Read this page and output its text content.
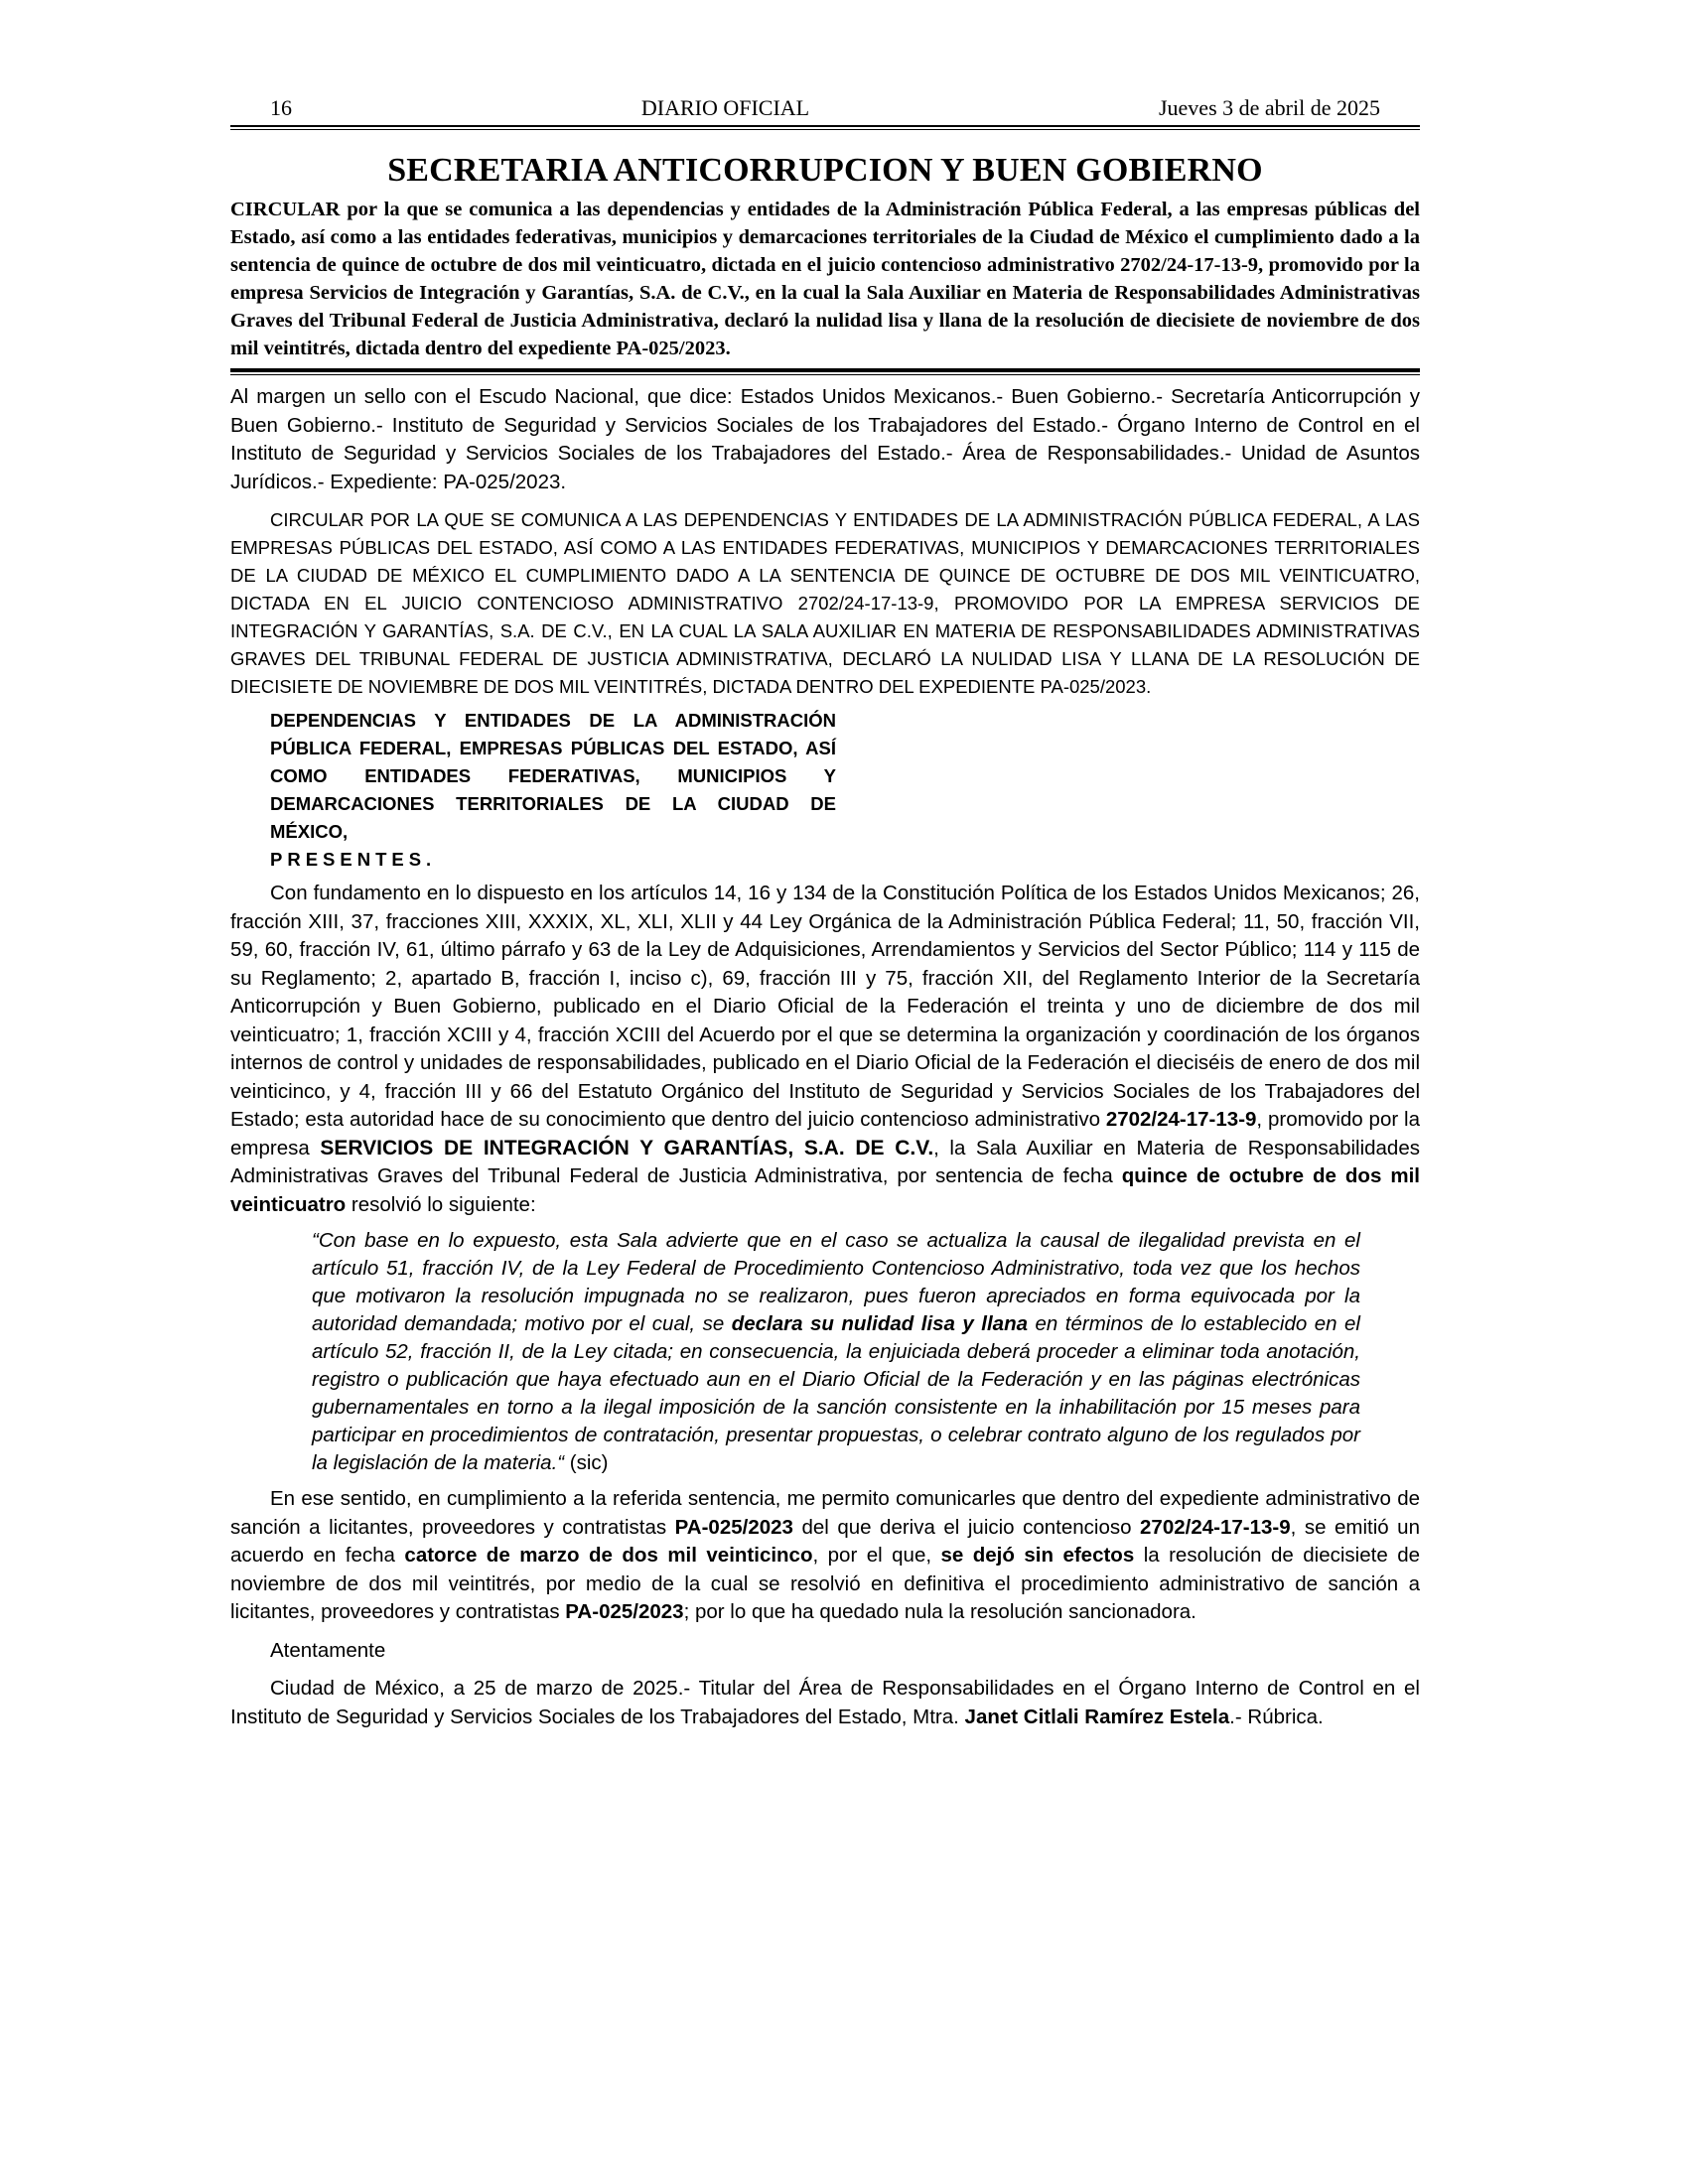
16	DIARIO OFICIAL	Jueves 3 de abril de 2025
SECRETARIA ANTICORRUPCION Y BUEN GOBIERNO
CIRCULAR por la que se comunica a las dependencias y entidades de la Administración Pública Federal, a las empresas públicas del Estado, así como a las entidades federativas, municipios y demarcaciones territoriales de la Ciudad de México el cumplimiento dado a la sentencia de quince de octubre de dos mil veinticuatro, dictada en el juicio contencioso administrativo 2702/24-17-13-9, promovido por la empresa Servicios de Integración y Garantías, S.A. de C.V., en la cual la Sala Auxiliar en Materia de Responsabilidades Administrativas Graves del Tribunal Federal de Justicia Administrativa, declaró la nulidad lisa y llana de la resolución de diecisiete de noviembre de dos mil veintitrés, dictada dentro del expediente PA-025/2023.

Al margen un sello con el Escudo Nacional, que dice: Estados Unidos Mexicanos.- Buen Gobierno.- Secretaría Anticorrupción y Buen Gobierno.- Instituto de Seguridad y Servicios Sociales de los Trabajadores del Estado.- Órgano Interno de Control en el Instituto de Seguridad y Servicios Sociales de los Trabajadores del Estado.- Área de Responsabilidades.- Unidad de Asuntos Jurídicos.- Expediente: PA-025/2023.

CIRCULAR POR LA QUE SE COMUNICA A LAS DEPENDENCIAS Y ENTIDADES DE LA ADMINISTRACIÓN PÚBLICA FEDERAL, A LAS EMPRESAS PÚBLICAS DEL ESTADO, ASÍ COMO A LAS ENTIDADES FEDERATIVAS, MUNICIPIOS Y DEMARCACIONES TERRITORIALES DE LA CIUDAD DE MÉXICO EL CUMPLIMIENTO DADO A LA SENTENCIA DE QUINCE DE OCTUBRE DE DOS MIL VEINTICUATRO, DICTADA EN EL JUICIO CONTENCIOSO ADMINISTRATIVO 2702/24-17-13-9, PROMOVIDO POR LA EMPRESA SERVICIOS DE INTEGRACIÓN Y GARANTÍAS, S.A. DE C.V., EN LA CUAL LA SALA AUXILIAR EN MATERIA DE RESPONSABILIDADES ADMINISTRATIVAS GRAVES DEL TRIBUNAL FEDERAL DE JUSTICIA ADMINISTRATIVA, DECLARÓ LA NULIDAD LISA Y LLANA DE LA RESOLUCIÓN DE DIECISIETE DE NOVIEMBRE DE DOS MIL VEINTITRÉS, DICTADA DENTRO DEL EXPEDIENTE PA-025/2023.

DEPENDENCIAS Y ENTIDADES DE LA ADMINISTRACIÓN PÚBLICA FEDERAL, EMPRESAS PÚBLICAS DEL ESTADO, ASÍ COMO ENTIDADES FEDERATIVAS, MUNICIPIOS Y DEMARCACIONES TERRITORIALES DE LA CIUDAD DE MÉXICO,
PRESENTES.

Con fundamento en lo dispuesto en los artículos 14, 16 y 134 de la Constitución Política de los Estados Unidos Mexicanos; 26, fracción XIII, 37, fracciones XIII, XXXIX, XL, XLI, XLII y 44 Ley Orgánica de la Administración Pública Federal; 11, 50, fracción VII, 59, 60, fracción IV, 61, último párrafo y 63 de la Ley de Adquisiciones, Arrendamientos y Servicios del Sector Público; 114 y 115 de su Reglamento; 2, apartado B, fracción I, inciso c), 69, fracción III y 75, fracción XII, del Reglamento Interior de la Secretaría Anticorrupción y Buen Gobierno, publicado en el Diario Oficial de la Federación el treinta y uno de diciembre de dos mil veinticuatro; 1, fracción XCIII y 4, fracción XCIII del Acuerdo por el que se determina la organización y coordinación de los órganos internos de control y unidades de responsabilidades, publicado en el Diario Oficial de la Federación el dieciséis de enero de dos mil veinticinco, y 4, fracción III y 66 del Estatuto Orgánico del Instituto de Seguridad y Servicios Sociales de los Trabajadores del Estado; esta autoridad hace de su conocimiento que dentro del juicio contencioso administrativo 2702/24-17-13-9, promovido por la empresa SERVICIOS DE INTEGRACIÓN Y GARANTÍAS, S.A. DE C.V., la Sala Auxiliar en Materia de Responsabilidades Administrativas Graves del Tribunal Federal de Justicia Administrativa, por sentencia de fecha quince de octubre de dos mil veinticuatro resolvió lo siguiente:

“Con base en lo expuesto, esta Sala advierte que en el caso se actualiza la causal de ilegalidad prevista en el artículo 51, fracción IV, de la Ley Federal de Procedimiento Contencioso Administrativo, toda vez que los hechos que motivaron la resolución impugnada no se realizaron, pues fueron apreciados en forma equivocada por la autoridad demandada; motivo por el cual, se declara su nulidad lisa y llana en términos de lo establecido en el artículo 52, fracción II, de la Ley citada; en consecuencia, la enjuiciada deberá proceder a eliminar toda anotación, registro o publicación que haya efectuado aun en el Diario Oficial de la Federación y en las páginas electrónicas gubernamentales en torno a la ilegal imposición de la sanción consistente en la inhabilitación por 15 meses para participar en procedimientos de contratación, presentar propuestas, o celebrar contrato alguno de los regulados por la legislación de la materia.“ (sic)

En ese sentido, en cumplimiento a la referida sentencia, me permito comunicarles que dentro del expediente administrativo de sanción a licitantes, proveedores y contratistas PA-025/2023 del que deriva el juicio contencioso 2702/24-17-13-9, se emitió un acuerdo en fecha catorce de marzo de dos mil veinticinco, por el que, se dejó sin efectos la resolución de diecisiete de noviembre de dos mil veintitrés, por medio de la cual se resolvió en definitiva el procedimiento administrativo de sanción a licitantes, proveedores y contratistas PA-025/2023; por lo que ha quedado nula la resolución sancionadora.

Atentamente

Ciudad de México, a 25 de marzo de 2025.- Titular del Área de Responsabilidades en el Órgano Interno de Control en el Instituto de Seguridad y Servicios Sociales de los Trabajadores del Estado, Mtra. Janet Citlali Ramírez Estela.- Rúbrica.
